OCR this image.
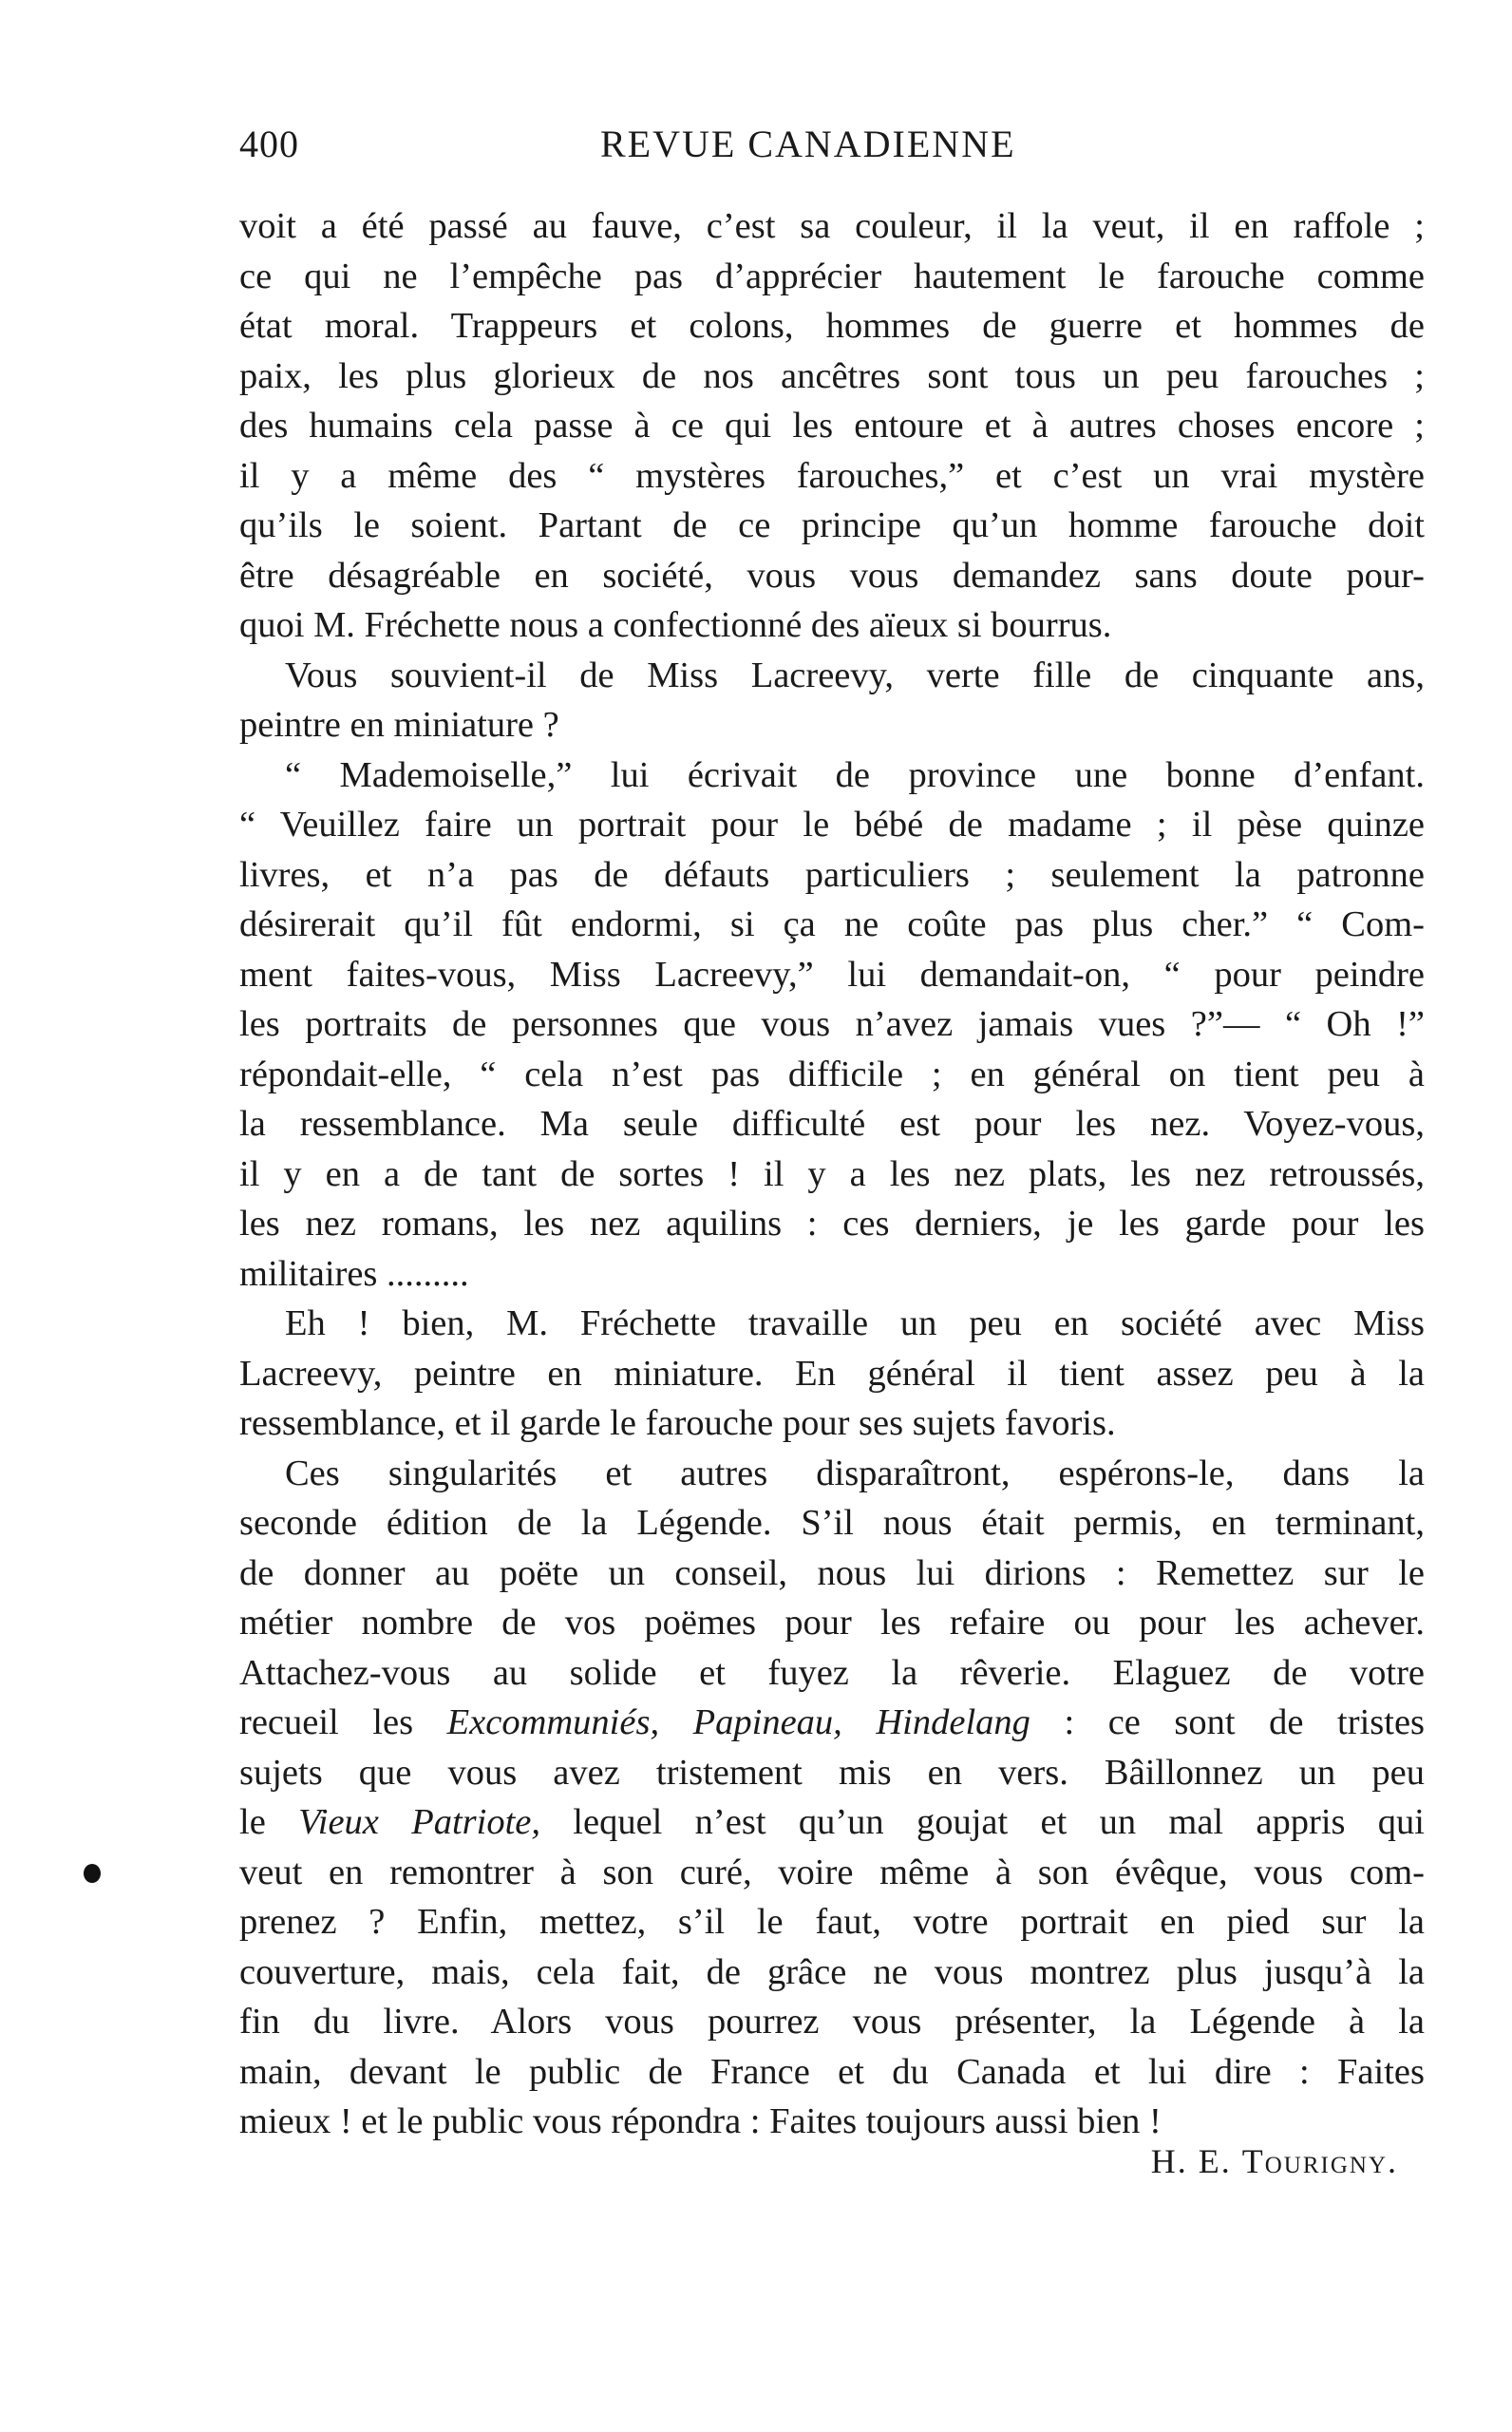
400	REVUE CANADIENNE
voit a été passé au fauve, c’est sa couleur, il la veut, il en raffole ;
ce qui ne l’empêche pas d’apprécier hautement le farouche comme
état moral. Trappeurs et colons, hommes de guerre et hommes de
paix, les plus glorieux de nos ancêtres sont tous un peu farouches ;
des humains cela passe à ce qui les entoure et à autres choses encore ;
il y a même des “ mystères farouches,” et c’est un vrai mystère
qu’ils le soient. Partant de ce principe qu’un homme farouche doit
être désagréable en société, vous vous demandez sans doute pour-
quoi M. Fréchette nous a confectionné des aïeux si bourrus.
Vous souvient-il de Miss Lacreevy, verte fille de cinquante ans,
peintre en miniature ?
“ Mademoiselle,” lui écrivait de province une bonne d’enfant.
“ Veuillez faire un portrait pour le bébé de madame ; il pèse quinze
livres, et n’a pas de défauts particuliers ; seulement la patronne
désirerait qu’il fût endormi, si ça ne coûte pas plus cher.” “ Com-
ment faites-vous, Miss Lacreevy,” lui demandait-on, “ pour peindre
les portraits de personnes que vous n’avez jamais vues ?”— “ Oh !”
répondait-elle, “ cela n’est pas difficile ; en général on tient peu à
la ressemblance. Ma seule difficulté est pour les nez. Voyez-vous,
il y en a de tant de sortes ! il y a les nez plats, les nez retroussés,
les nez romans, les nez aquilins : ces derniers, je les garde pour les
militaires .........
Eh ! bien, M. Fréchette travaille un peu en société avec Miss
Lacreevy, peintre en miniature. En général il tient assez peu à la
ressemblance, et il garde le farouche pour ses sujets favoris.
Ces singularités et autres disparaîtront, espérons-le, dans la
seconde édition de la Légende. S’il nous était permis, en terminant,
de donner au poëte un conseil, nous lui dirions : Remettez sur le
métier nombre de vos poëmes pour les refaire ou pour les achever.
Attachez-vous au solide et fuyez la rêverie. Elaguez de votre
recueil les Excommuniés, Papineau, Hindelang : ce sont de tristes
sujets que vous avez tristement mis en vers. Bâillonnez un peu
le Vieux Patriote, lequel n’est qu’un goujat et un mal appris qui
veut en remontrer à son curé, voire même à son évêque, vous com-
prenez ? Enfin, mettez, s’il le faut, votre portrait en pied sur la
couverture, mais, cela fait, de grâce ne vous montrez plus jusqu’à la
fin du livre. Alors vous pourrez vous présenter, la Légende à la
main, devant le public de France et du Canada et lui dire : Faites
mieux ! et le public vous répondra : Faites toujours aussi bien !
H. E. Tourigny.
